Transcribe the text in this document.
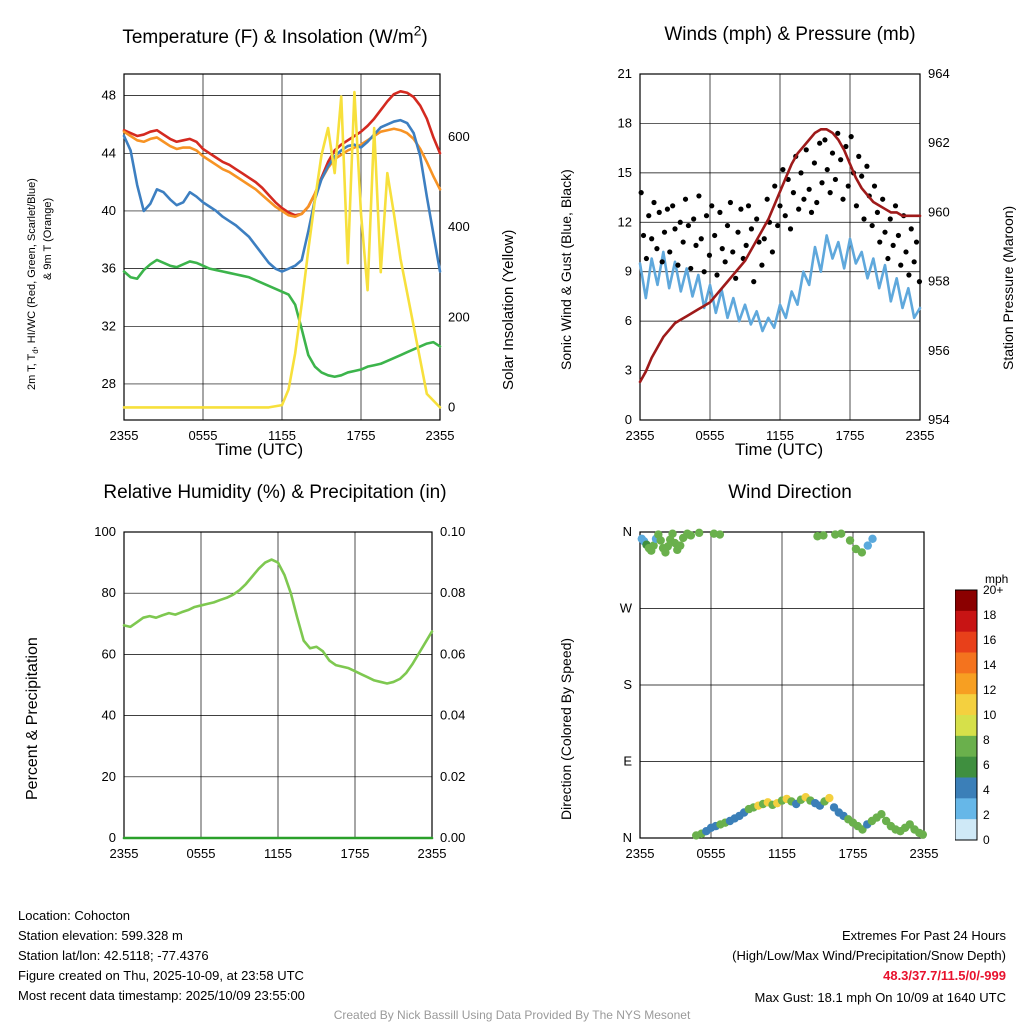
Temperature (F) & Insolation $(W/m^2)$
2m T, $T_d$, HI/WC (Red, Green, Scarlet/Blue) & 9m T (Orange)	Solar Insolation (Yellow)
Time (UTC)
2355	0555	1155	1755	2355
28
32
36
40
44
48
0
200
400
600
Winds (mph) & Pressure (mb)
Sonic Wind & Gust (Blue, Black)	Station Pressure (Maroon)
Time (UTC)
2355	0555	1155	1755	2355
0
3
6
9
12
15
18
21
954
956
958
960
962
964
Relative Humidity (%) & Precipitation (in)
Percent & Precipitation
2355	0555	1155	1755	2355
0
20
40
60
80
100
0.00
0.02
0.04
0.06
0.08
0.10
Wind Direction
Direction (Colored By Speed)
N
E
S
W
N
2355	0555	1155	1755	2355
20+
18
16
14
12
10
8
6
4
2
0
mph
Location: Cohocton
Station elevation: 599.328 m
Station lat/lon: 42.5118; -77.4376
Figure created on Thu, 2025-10-09, at 23:58 UTC
Most recent data timestamp: 2025/10/09 23:55:00
Extremes For Past 24 Hours
(High/Low/Max Wind/Precipitation/Snow Depth)
48.3/37.7/11.5/0/-999
Max Gust: 18.1 mph On 10/09 at 1640 UTC
Created By Nick Bassill Using Data Provided By The NYS Mesonet
